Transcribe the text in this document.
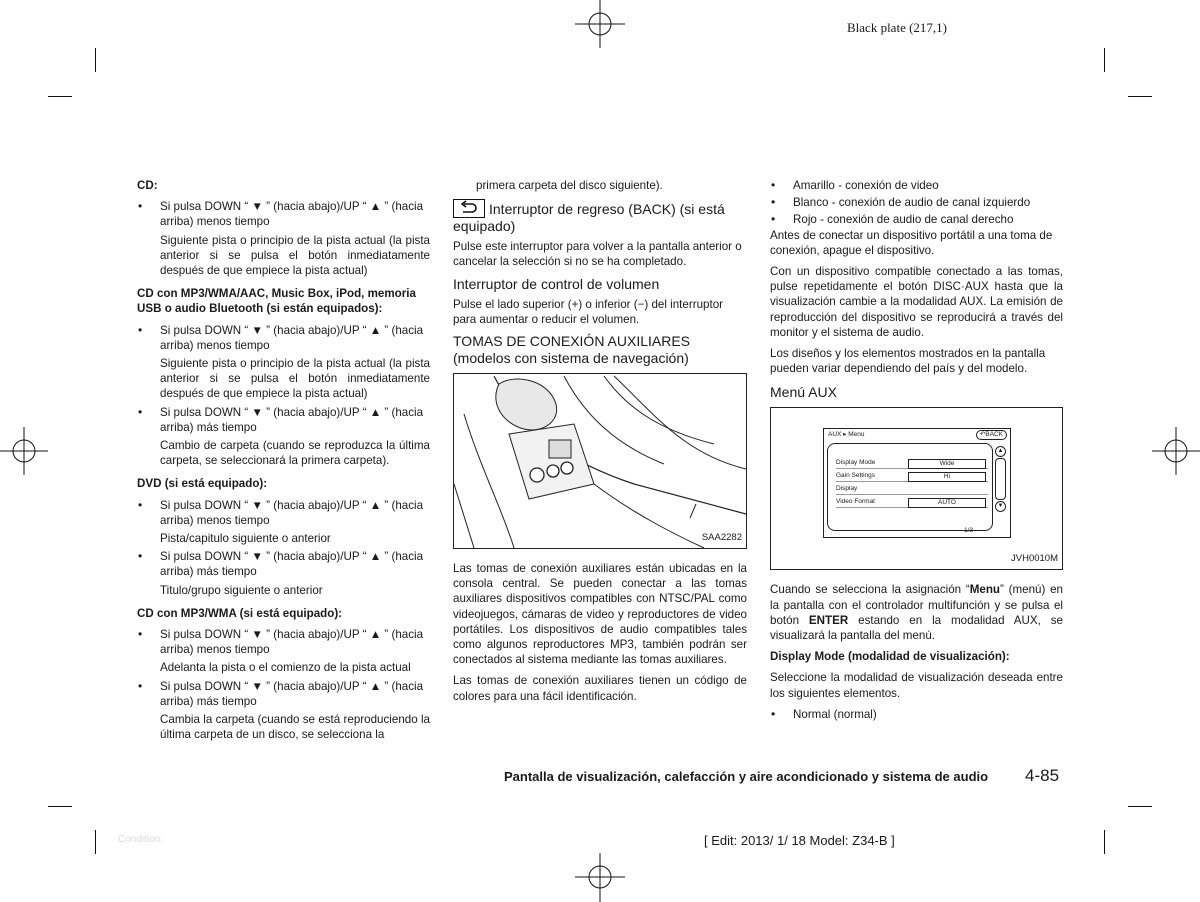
Black plate (217,1)

CD:

• Si pulsa DOWN “ ▼ ” (hacia abajo)/UP “ ▲ ” (hacia arriba) menos tiempo

Siguiente pista o principio de la pista actual (la pista anterior si se pulsa el botón inmediatamente después de que empiece la pista actual)

CD con MP3/WMA/AAC, Music Box, iPod, memoria USB o audio Bluetooth (si están equipados):

• Si pulsa DOWN “ ▼ ” (hacia abajo)/UP “ ▲ ” (hacia arriba) menos tiempo

Siguiente pista o principio de la pista actual (la pista anterior si se pulsa el botón inmediatamente después de que empiece la pista actual)

• Si pulsa DOWN “ ▼ ” (hacia abajo)/UP “ ▲ ” (hacia arriba) más tiempo

Cambio de carpeta (cuando se reproduzca la última carpeta, se seleccionará la primera carpeta).

DVD (si está equipado):

• Si pulsa DOWN “ ▼ ” (hacia abajo)/UP “ ▲ ” (hacia arriba) menos tiempo

Pista/capitulo siguiente o anterior

• Si pulsa DOWN “ ▼ ” (hacia abajo)/UP “ ▲ ” (hacia arriba) más tiempo

Titulo/grupo siguiente o anterior

CD con MP3/WMA (si está equipado):

• Si pulsa DOWN “ ▼ ” (hacia abajo)/UP “ ▲ ” (hacia arriba) menos tiempo

Adelanta la pista o el comienzo de la pista actual

• Si pulsa DOWN “ ▼ ” (hacia abajo)/UP “ ▲ ” (hacia arriba) más tiempo

Cambia la carpeta (cuando se está reproduciendo la última carpeta de un disco, se selecciona la

primera carpeta del disco siguiente).

Interruptor de regreso (BACK) (si está equipado)

Pulse este interruptor para volver a la pantalla anterior o cancelar la selección si no se ha completado.

Interruptor de control de volumen

Pulse el lado superior (+) o inferior (−) del interruptor para aumentar o reducir el volumen.

TOMAS DE CONEXIÓN AUXILIARES (modelos con sistema de navegación)

SAA2282

Las tomas de conexión auxiliares están ubicadas en la consola central. Se pueden conectar a las tomas auxiliares dispositivos compatibles con NTSC/PAL como videojuegos, cámaras de video y reproductores de video portátiles. Los dispositivos de audio compatibles tales como algunos reproductores MP3, también podrán ser conectados al sistema mediante las tomas auxiliares.

Las tomas de conexión auxiliares tienen un código de colores para una fácil identificación.

• Amarillo - conexión de video

• Blanco - conexión de audio de canal izquierdo

• Rojo - conexión de audio de canal derecho

Antes de conectar un dispositivo portátil a una toma de conexión, apague el dispositivo.

Con un dispositivo compatible conectado a las tomas, pulse repetidamente el botón DISC·AUX hasta que la visualización cambie a la modalidad AUX. La emisión de reproducción del dispositivo se reproducirá a través del monitor y el sistema de audio.

Los diseños y los elementos mostrados en la pantalla pueden variar dependiendo del país y del modelo.

Menú AUX

AUX ▸ Menu	↶BACK
Display Mode	Wide
Gain Settings	Hi
Display
Video Format	AUTO
1/3
▲
▼
JVH0010M

Cuando se selecciona la asignación “Menu” (menú) en la pantalla con el controlador multifunción y se pulsa el botón ENTER estando en la modalidad AUX, se visualizará la pantalla del menú.

Display Mode (modalidad de visualización):

Seleccione la modalidad de visualización deseada entre los siguientes elementos.

• Normal (normal)

Pantalla de visualización, calefacción y aire acondicionado y sistema de audio 4-85
Condition:	[ Edit: 2013/ 1/ 18 Model: Z34-B ]
